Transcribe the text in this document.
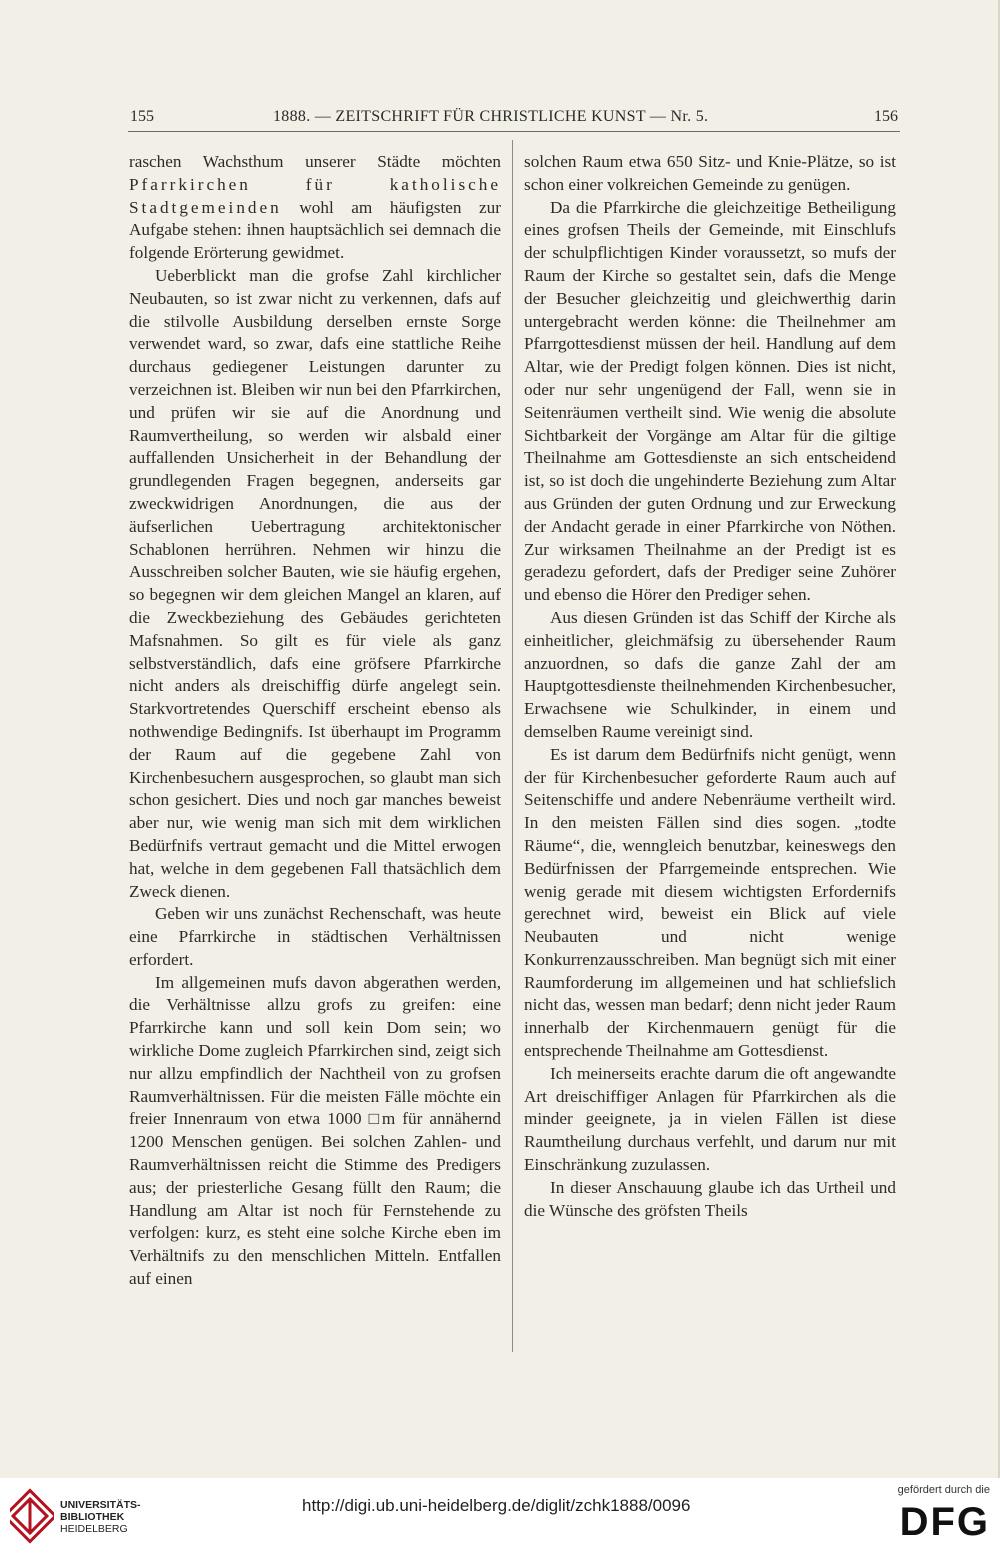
155	1888. — ZEITSCHRIFT FÜR CHRISTLICHE KUNST — Nr. 5.	156

raschen Wachsthum unserer Städte möchten Pfarrkirchen für katholische Stadtgemeinden wohl am häufigsten zur Aufgabe stehen: ihnen hauptsächlich sei demnach die folgende Erörterung gewidmet.

Ueberblickt man die grofse Zahl kirchlicher Neubauten, so ist zwar nicht zu verkennen, dafs auf die stilvolle Ausbildung derselben ernste Sorge verwendet ward, so zwar, dafs eine stattliche Reihe durchaus gediegener Leistungen darunter zu verzeichnen ist. Bleiben wir nun bei den Pfarrkirchen, und prüfen wir sie auf die Anordnung und Raumvertheilung, so werden wir alsbald einer auffallenden Unsicherheit in der Behandlung der grundlegenden Fragen begegnen, anderseits gar zweckwidrigen Anordnungen, die aus der äufserlichen Uebertragung architektonischer Schablonen herrühren. Nehmen wir hinzu die Ausschreiben solcher Bauten, wie sie häufig ergehen, so begegnen wir dem gleichen Mangel an klaren, auf die Zweckbeziehung des Gebäudes gerichteten Mafsnahmen. So gilt es für viele als ganz selbstverständlich, dafs eine gröfsere Pfarrkirche nicht anders als dreischiffig dürfe angelegt sein. Starkvortretendes Querschiff erscheint ebenso als nothwendige Bedingnifs. Ist überhaupt im Programm der Raum auf die gegebene Zahl von Kirchenbesuchern ausgesprochen, so glaubt man sich schon gesichert. Dies und noch gar manches beweist aber nur, wie wenig man sich mit dem wirklichen Bedürfnifs vertraut gemacht und die Mittel erwogen hat, welche in dem gegebenen Fall thatsächlich dem Zweck dienen.

Geben wir uns zunächst Rechenschaft, was heute eine Pfarrkirche in städtischen Verhältnissen erfordert.

Im allgemeinen mufs davon abgerathen werden, die Verhältnisse allzu grofs zu greifen: eine Pfarrkirche kann und soll kein Dom sein; wo wirkliche Dome zugleich Pfarrkirchen sind, zeigt sich nur allzu empfindlich der Nachtheil von zu grofsen Raumverhältnissen. Für die meisten Fälle möchte ein freier Innenraum von etwa 1000 □m für annähernd 1200 Menschen genügen. Bei solchen Zahlen- und Raumverhältnissen reicht die Stimme des Predigers aus; der priesterliche Gesang füllt den Raum; die Handlung am Altar ist noch für Fernstehende zu verfolgen: kurz, es steht eine solche Kirche eben im Verhältnifs zu den menschlichen Mitteln. Entfallen auf einen

solchen Raum etwa 650 Sitz- und Knie-Plätze, so ist schon einer volkreichen Gemeinde zu genügen.

Da die Pfarrkirche die gleichzeitige Betheiligung eines grofsen Theils der Gemeinde, mit Einschlufs der schulpflichtigen Kinder voraussetzt, so mufs der Raum der Kirche so gestaltet sein, dafs die Menge der Besucher gleichzeitig und gleichwerthig darin untergebracht werden könne: die Theilnehmer am Pfarrgottesdienst müssen der heil. Handlung auf dem Altar, wie der Predigt folgen können. Dies ist nicht, oder nur sehr ungenügend der Fall, wenn sie in Seitenräumen vertheilt sind. Wie wenig die absolute Sichtbarkeit der Vorgänge am Altar für die giltige Theilnahme am Gottesdienste an sich entscheidend ist, so ist doch die ungehinderte Beziehung zum Altar aus Gründen der guten Ordnung und zur Erweckung der Andacht gerade in einer Pfarrkirche von Nöthen. Zur wirksamen Theilnahme an der Predigt ist es geradezu gefordert, dafs der Prediger seine Zuhörer und ebenso die Hörer den Prediger sehen.

Aus diesen Gründen ist das Schiff der Kirche als einheitlicher, gleichmäfsig zu übersehender Raum anzuordnen, so dafs die ganze Zahl der am Hauptgottesdienste theilnehmenden Kirchenbesucher, Erwachsene wie Schulkinder, in einem und demselben Raume vereinigt sind.

Es ist darum dem Bedürfnifs nicht genügt, wenn der für Kirchenbesucher geforderte Raum auch auf Seitenschiffe und andere Nebenräume vertheilt wird. In den meisten Fällen sind dies sogen. „todte Räume“, die, wenngleich benutzbar, keineswegs den Bedürfnissen der Pfarrgemeinde entsprechen. Wie wenig gerade mit diesem wichtigsten Erfordernifs gerechnet wird, beweist ein Blick auf viele Neubauten und nicht wenige Konkurrenzausschreiben. Man begnügt sich mit einer Raumforderung im allgemeinen und hat schliefslich nicht das, wessen man bedarf; denn nicht jeder Raum innerhalb der Kirchenmauern genügt für die entsprechende Theilnahme am Gottesdienst.

Ich meinerseits erachte darum die oft angewandte Art dreischiffiger Anlagen für Pfarrkirchen als die minder geeignete, ja in vielen Fällen ist diese Raumtheilung durchaus verfehlt, und darum nur mit Einschränkung zuzulassen.

In dieser Anschauung glaube ich das Urtheil und die Wünsche des gröfsten Theils

UNIVERSITÄTS-
BIBLIOTHEK
HEIDELBERG
http://digi.ub.uni-heidelberg.de/diglit/zchk1888/0096
gefördert durch die
DFG
